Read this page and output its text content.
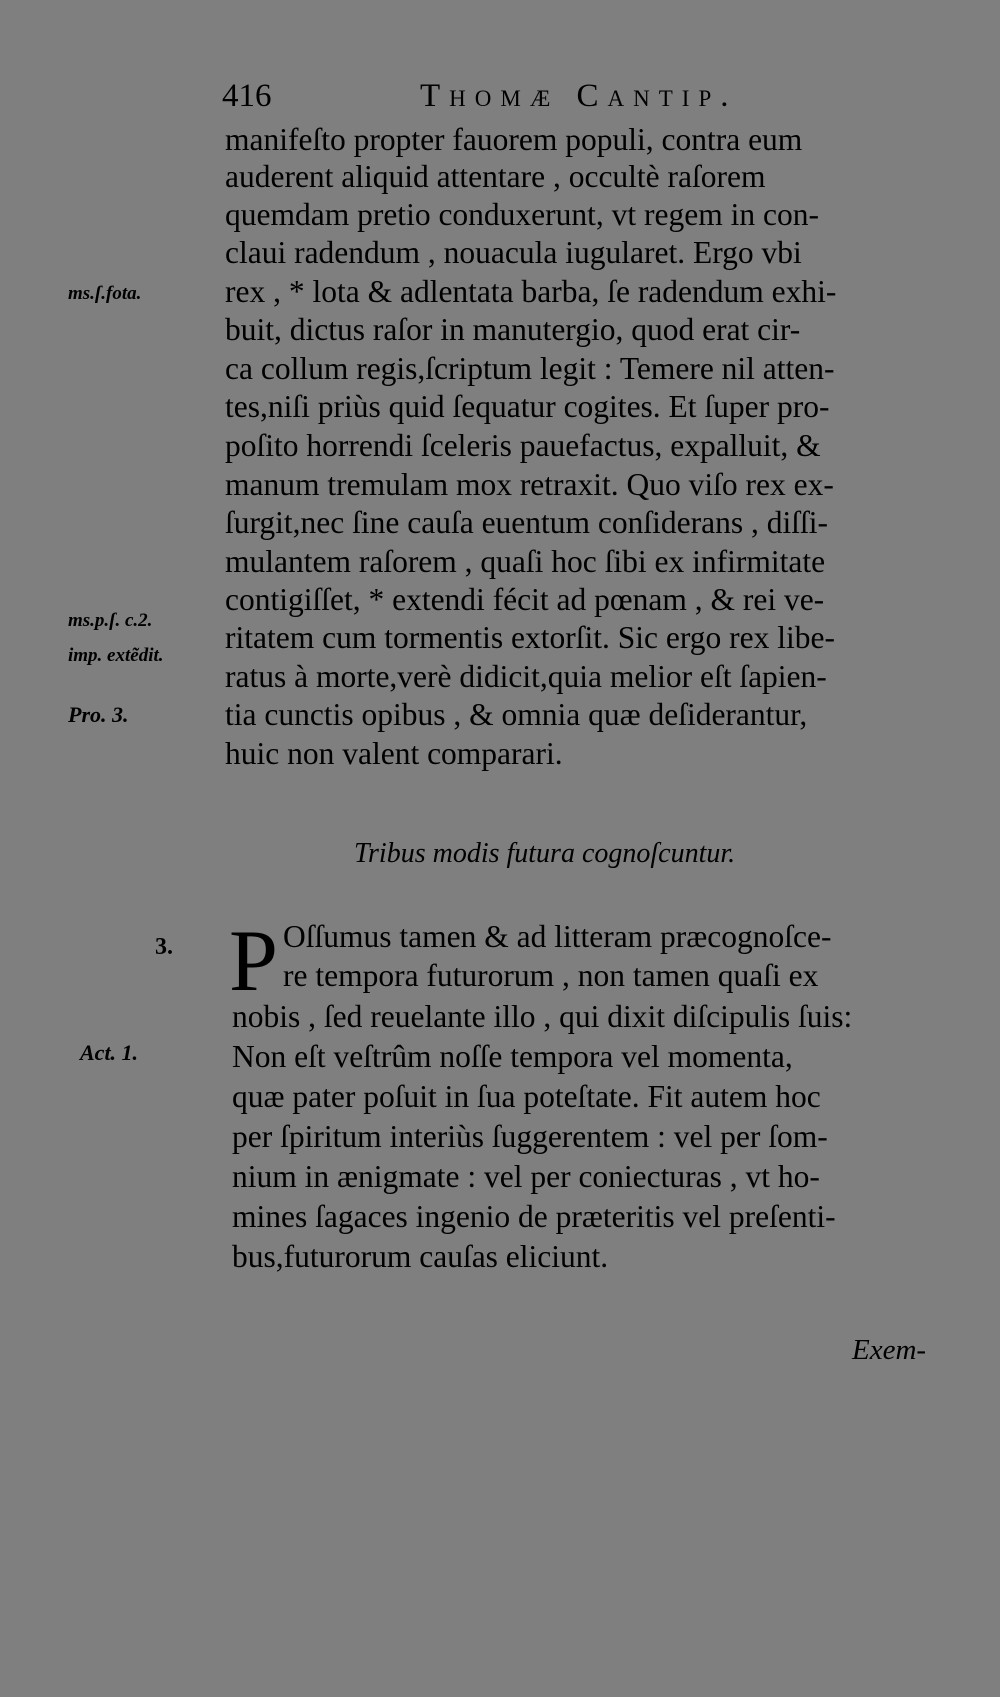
416	Thomæ Cantip.
manifeſto propter fauorem populi, contra eum
auderent aliquid attentare , occultè raſorem
quemdam pretio conduxerunt, vt regem in con-
claui radendum , nouacula iugularet. Ergo vbi
rex , * lota & adlentata barba, ſe radendum exhi-
buit, dictus raſor in manutergio, quod erat cir-
ca collum regis,ſcriptum legit : Temere nil atten-
tes,niſi priùs quid ſequatur cogites. Et ſuper pro-
poſito horrendi ſceleris pauefactus, expalluit, &
manum tremulam mox retraxit. Quo viſo rex ex-
ſurgit,nec ſine cauſa euentum conſiderans , diſſi-
mulantem raſorem , quaſi hoc ſibi ex infirmitate
contigiſſet, * extendi fécit ad pœnam , & rei ve-
ritatem cum tormentis extorſit. Sic ergo rex libe-
ratus à morte,verè didicit,quia melior eſt ſapien-
tia cunctis opibus , & omnia quæ deſiderantur,
huic non valent comparari.
ms.ſ.fota.
ms.p.ſ. c.2.
imp. extẽdit.
Pro. 3.
3.
Act. 1.
Tribus modis futura cognoſcuntur.
P Oſſumus tamen & ad litteram præcognoſce-
re tempora futurorum , non tamen quaſi ex
nobis , ſed reuelante illo , qui dixit diſcipulis ſuis:
Non eſt veſtrûm noſſe tempora vel momenta,
quæ pater poſuit in ſua poteſtate. Fit autem hoc
per ſpiritum interiùs ſuggerentem : vel per ſom-
nium in ænigmate : vel per coniecturas , vt ho-
mines ſagaces ingenio de præteritis vel preſenti-
bus,futurorum cauſas eliciunt.
Exem-
